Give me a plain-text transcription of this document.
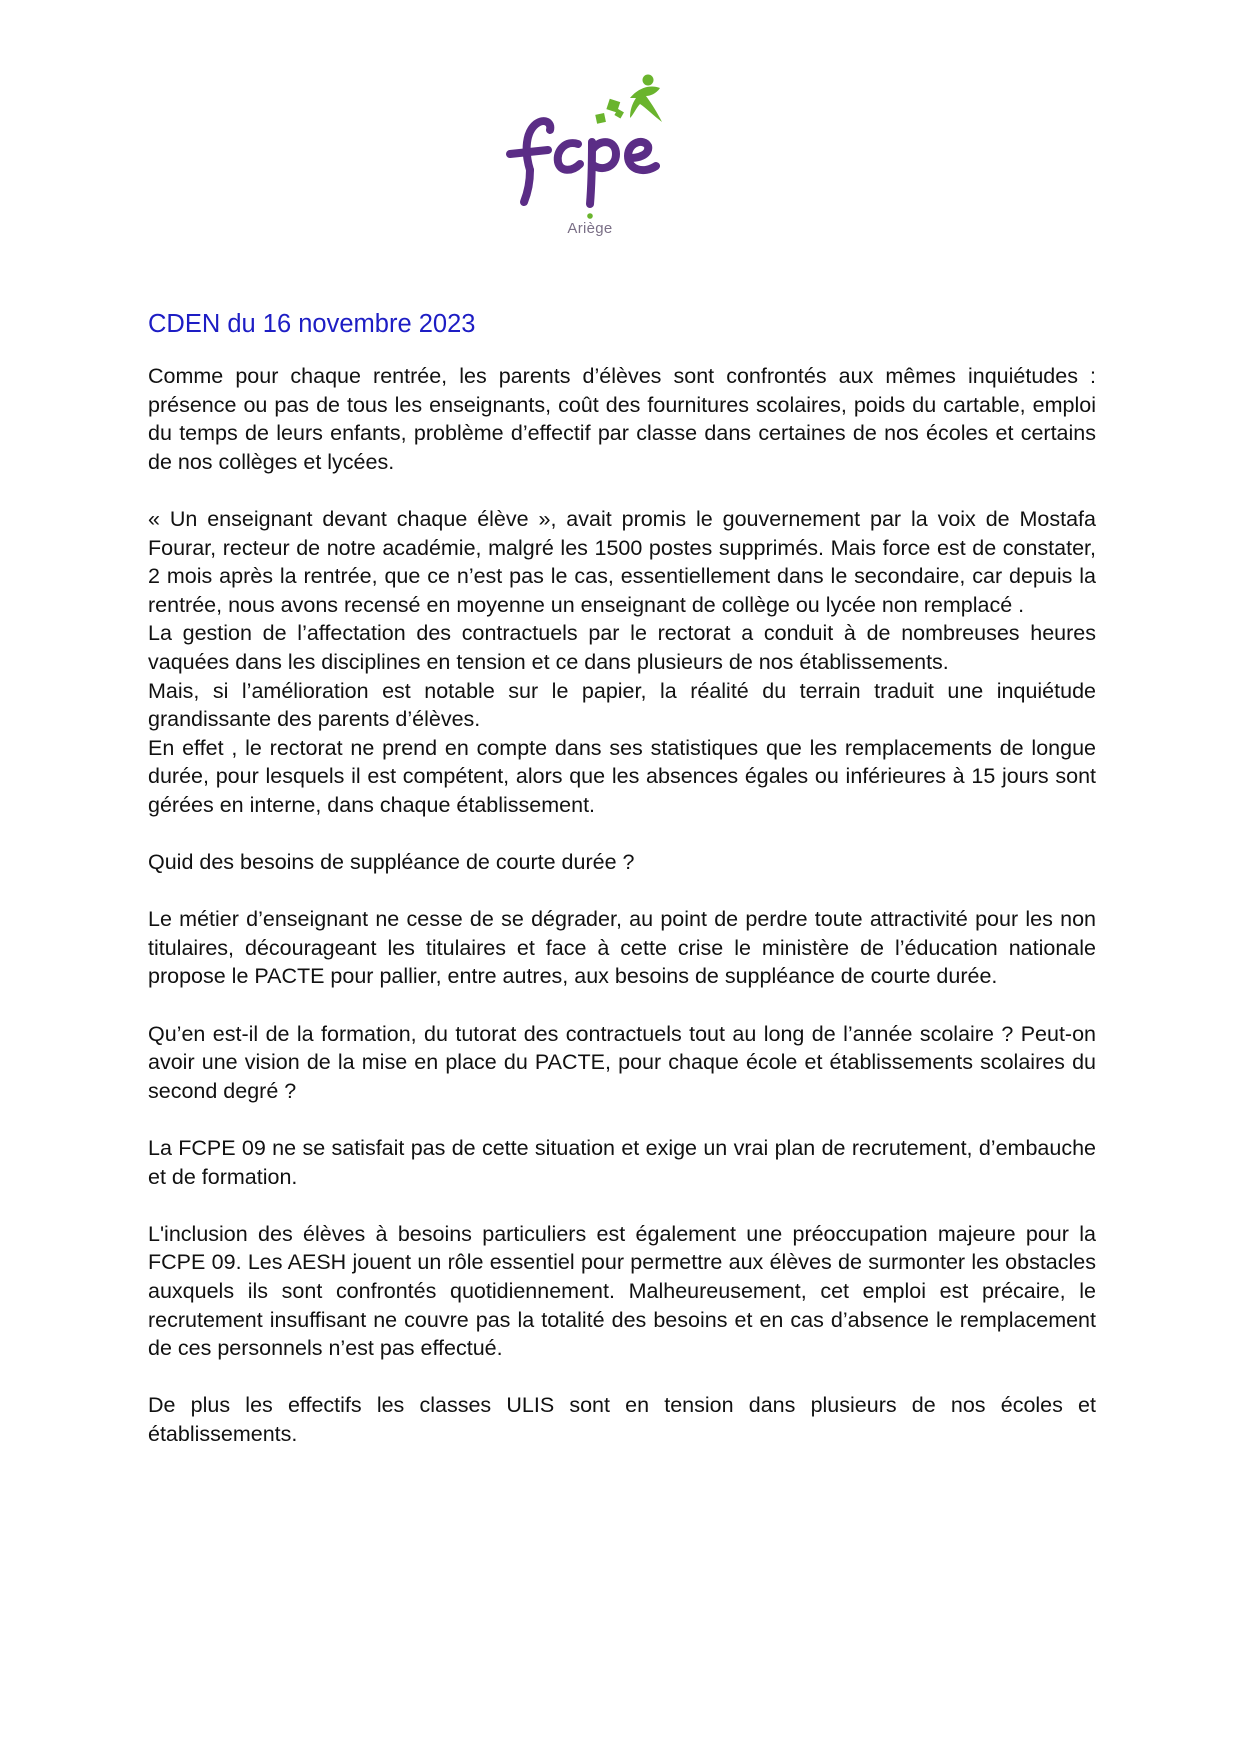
Ariège
CDEN du 16 novembre 2023

Comme pour chaque rentrée, les parents d’élèves sont confrontés aux mêmes inquiétudes : présence ou pas de tous les enseignants, coût des fournitures scolaires, poids du cartable, emploi du temps de leurs enfants, problème d’effectif par classe dans certaines de nos écoles et certains de nos collèges et lycées.

« Un enseignant devant chaque élève », avait promis le gouvernement par la voix de Mostafa Fourar, recteur de notre académie, malgré les 1500 postes supprimés. Mais force est de constater, 2 mois après la rentrée, que ce n’est pas le cas, essentiellement dans le secondaire, car depuis la rentrée, nous avons recensé en moyenne un enseignant de collège ou lycée non remplacé .

La gestion de l’affectation des contractuels par le rectorat a conduit à de nombreuses heures vaquées dans les disciplines en tension et ce dans plusieurs de nos établissements.

Mais, si l’amélioration est notable sur le papier, la réalité du terrain traduit une inquiétude grandissante des parents d’élèves.

En effet , le rectorat ne prend en compte dans ses statistiques que les remplacements de longue durée, pour lesquels il est compétent, alors que les absences égales ou inférieures à 15 jours sont gérées en interne, dans chaque établissement.

Quid des besoins de suppléance de courte durée ?

Le métier d’enseignant ne cesse de se dégrader, au point de perdre toute attractivité pour les non titulaires, décourageant les titulaires et face à cette crise le ministère de l’éducation nationale propose le PACTE pour pallier, entre autres, aux besoins de suppléance de courte durée.

Qu’en est-il de la formation, du tutorat des contractuels tout au long de l’année scolaire ? Peut-on avoir une vision de la mise en place du PACTE, pour chaque école et établissements scolaires du second degré ?

La FCPE 09 ne se satisfait pas de cette situation et exige un vrai plan de recrutement, d’embauche et de formation.

L'inclusion des élèves à besoins particuliers est également une préoccupation majeure pour la FCPE 09. Les AESH jouent un rôle essentiel pour permettre aux élèves de surmonter les obstacles auxquels ils sont confrontés quotidiennement. Malheureusement, cet emploi est précaire, le recrutement insuffisant ne couvre pas la totalité des besoins et en cas d’absence le remplacement de ces personnels n’est pas effectué.

De plus les effectifs les classes ULIS sont en tension dans plusieurs de nos écoles et établissements.
